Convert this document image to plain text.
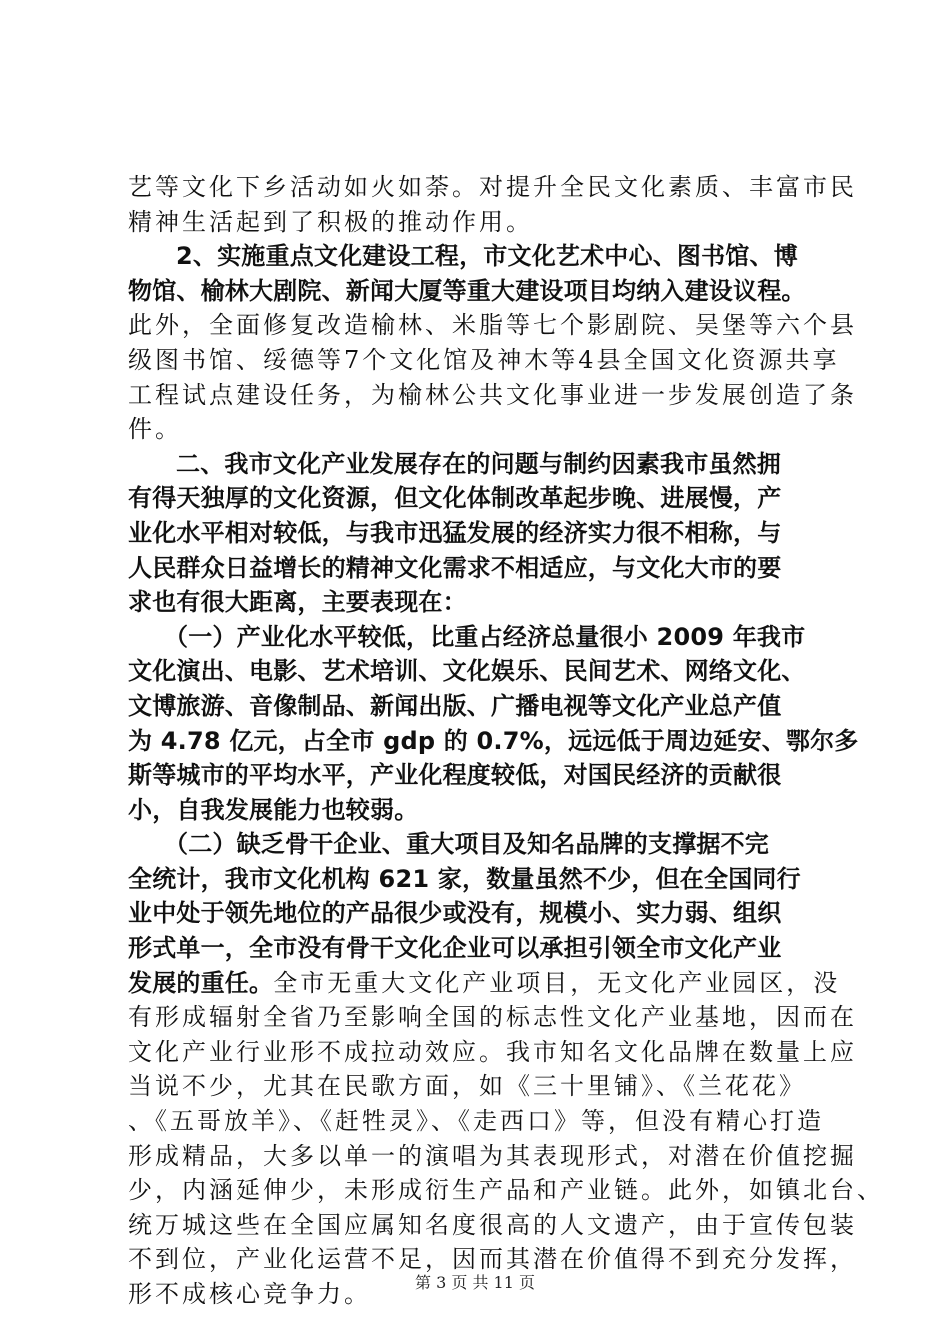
艺等文化下乡活动如火如荼。对提升全民文化素质、丰富市民
精神生活起到了积极的推动作用。
2、实施重点文化建设工程，市文化艺术中心、图书馆、博
物馆、榆林大剧院、新闻大厦等重大建设项目均纳入建设议程。
此外，全面修复改造榆林、米脂等七个影剧院、吴堡等六个县
级图书馆、绥德等7个文化馆及神木等4县全国文化资源共享
工程试点建设任务，为榆林公共文化事业进一步发展创造了条
件。
二、我市文化产业发展存在的问题与制约因素我市虽然拥
有得天独厚的文化资源，但文化体制改革起步晚、进展慢，产
业化水平相对较低，与我市迅猛发展的经济实力很不相称，与
人民群众日益增长的精神文化需求不相适应，与文化大市的要
求也有很大距离，主要表现在：
（一）产业化水平较低，比重占经济总量很小 2009 年我市
文化演出、电影、艺术培训、文化娱乐、民间艺术、网络文化、
文博旅游、音像制品、新闻出版、广播电视等文化产业总产值
为 4.78 亿元，占全市 gdp 的 0.7%，远远低于周边延安、鄂尔多
斯等城市的平均水平，产业化程度较低，对国民经济的贡献很
小，自我发展能力也较弱。
（二）缺乏骨干企业、重大项目及知名品牌的支撑据不完
全统计，我市文化机构 621 家，数量虽然不少，但在全国同行
业中处于领先地位的产品很少或没有，规模小、实力弱、组织
形式单一，全市没有骨干文化企业可以承担引领全市文化产业
发展的重任。全市无重大文化产业项目，无文化产业园区，没
有形成辐射全省乃至影响全国的标志性文化产业基地，因而在
文化产业行业形不成拉动效应。我市知名文化品牌在数量上应
当说不少，尤其在民歌方面，如《三十里铺》、《兰花花》
、《五哥放羊》、《赶牲灵》、《走西口》等，但没有精心打造
形成精品，大多以单一的演唱为其表现形式，对潜在价值挖掘
少，内涵延伸少，未形成衍生产品和产业链。此外，如镇北台、
统万城这些在全国应属知名度很高的人文遗产，由于宣传包装
不到位，产业化运营不足，因而其潜在价值得不到充分发挥，
形不成核心竞争力。	第 3 页 共 11 页
